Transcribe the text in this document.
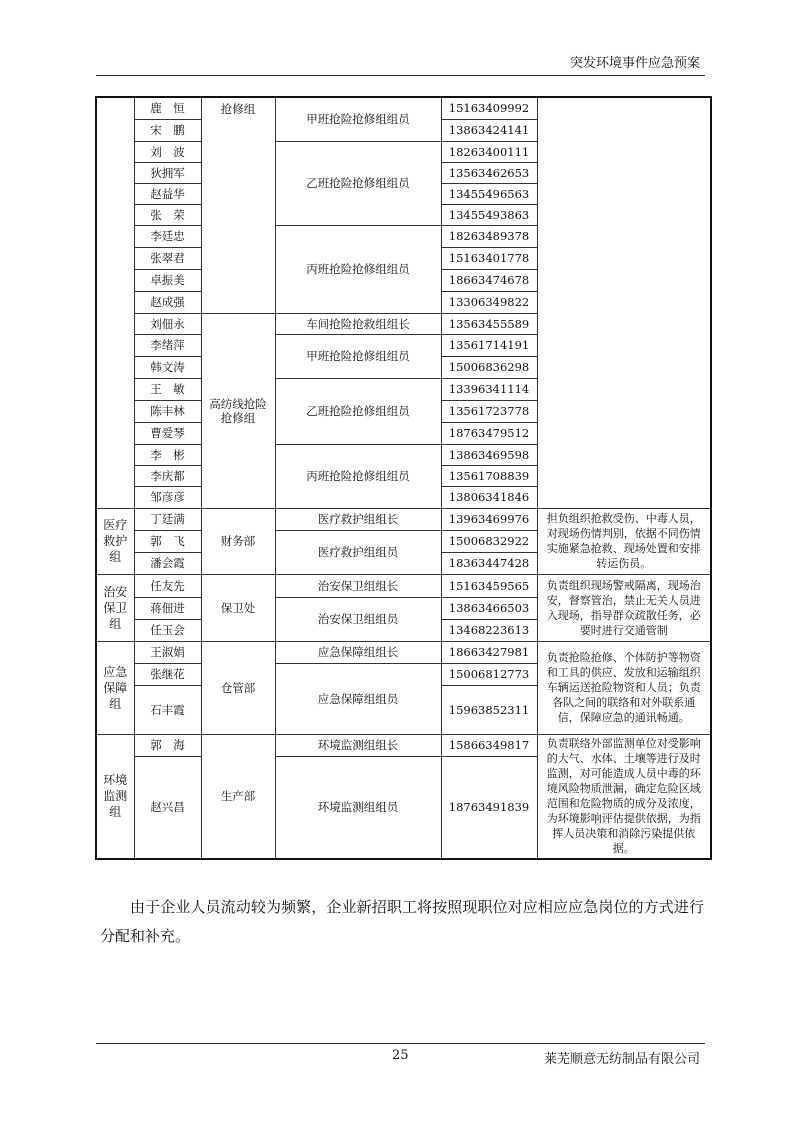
突发环境事件应急预案
	鹿　恒	抢修组	甲班抢险抢修组组员	15163409992	
	宋　鹏			13863424141	
	刘　波		乙班抢险抢修组组员	18263400111	
	狄拥军			13563462653	
	赵益华			13455496563	
	张　荣			13455493863	
	李廷忠		丙班抢险抢修组组员	18263489378	
	张翠君			15163401778	
	卓振美			18663474678	
	赵成强			13306349822	
	刘佃永	高纺线抢险抢修组	车间抢险抢救组组长	13563455589	
	李绪萍		甲班抢险抢修组组员	13561714191	
	韩文涛			15006836298	
	王　敏		乙班抢险抢修组组员	13396341114	
	陈丰林			13561723778	
	曹爱琴			18763479512	
	李　彬		丙班抢险抢修组组员	13863469598	
	李庆都			13561708839	
	邹彦彦			13806341846	
医疗救护组	丁廷满	财务部	医疗救护组组长	13963469976	担负组织抢救受伤、中毒人员，对现场伤情判别，依据不同伤情实施紧急抢救、现场处置和安排转运伤员。
	郭　飞		医疗救护组组员	15006832922	
	潘会霞			18363447428	
治安保卫组	任友先	保卫处	治安保卫组组长	15163459565	负责组织现场警戒隔离，现场治安，督察管治，禁止无关人员进入现场，指导群众疏散任务，必要时进行交通管制
	蒋佃进		治安保卫组组员	13863466503	
	任玉会			13468223613	
应急保障组	王淑娟	仓管部	应急保障组组长	18663427981	负责抢险抢修、个体防护等物资和工具的供应、发放和运输组织车辆运送抢险物资和人员；负责各队之间的联络和对外联系通信，保障应急的通讯畅通。
	张继花		应急保障组组员	15006812773	
	石丰霞			15963852311	
环境监测组	郭　海	生产部	环境监测组组长	15866349817	负责联络外部监测单位对受影响的大气、水体、土壤等进行及时监测，对可能造成人员中毒的环境风险物质泄漏，确定危险区域范围和危险物质的成分及浓度，为环境影响评估提供依据，为指挥人员决策和消除污染提供依据。
	赵兴昌		环境监测组组员	18763491839	

由于企业人员流动较为频繁，企业新招职工将按照现职位对应相应应急岗位的方式进行分配和补充。

25	莱芜顺意无纺制品有限公司
